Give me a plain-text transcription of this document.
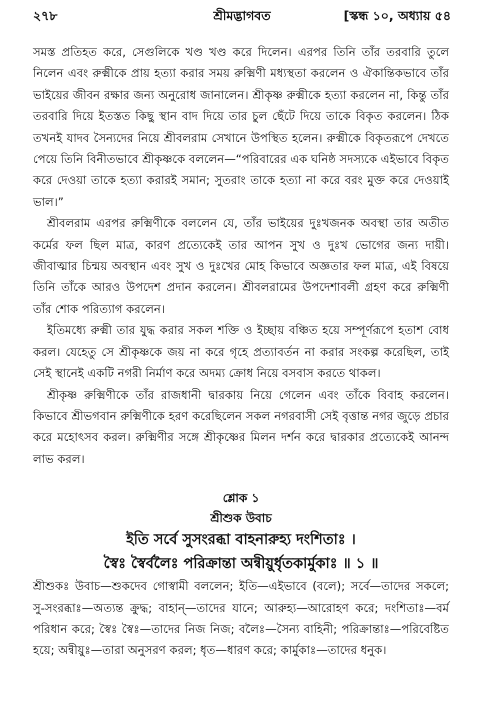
২৭৮	শ্রীমদ্ভাগবত	[স্কন্ধ ১০, অধ্যায় ৫৪

সমস্ত প্রতিহত করে, সেগুলিকে খণ্ড খণ্ড করে দিলেন। এরপর তিনি তাঁর তরবারি তুলে নিলেন এবং রুক্মীকে প্রায় হত্যা করার সময় রুক্মিণী মধ্যস্থতা করলেন ও ঐকান্তিকভাবে তাঁর ভাইয়ের জীবন রক্ষার জন্য অনুরোধ জানালেন। শ্রীকৃষ্ণ রুক্মীকে হত্যা করলেন না, কিন্তু তাঁর তরবারি দিয়ে ইতস্তত কিছু স্থান বাদ দিয়ে তার চুল ছেঁটে দিয়ে তাকে বিকৃত করলেন। ঠিক তখনই যাদব সৈন্যদের নিয়ে শ্রীবলরাম সেখানে উপস্থিত হলেন। রুক্মীকে বিকৃতরূপে দেখতে পেয়ে তিনি বিনীতভাবে শ্রীকৃষ্ণকে বললেন—“পরিবারের এক ঘনিষ্ঠ সদস্যকে এইভাবে বিকৃত করে দেওয়া তাকে হত্যা করারই সমান; সুতরাং তাকে হত্যা না করে বরং মুক্ত করে দেওয়াই ভাল।”

শ্রীবলরাম এরপর রুক্মিণীকে বললেন যে, তাঁর ভাইয়ের দুঃখজনক অবস্থা তার অতীত কর্মের ফল ছিল মাত্র, কারণ প্রত্যেকেই তার আপন সুখ ও দুঃখ ভোগের জন্য দায়ী। জীবাত্মার চিন্ময় অবস্থান এবং সুখ ও দুঃখের মোহ কিভাবে অজ্ঞতার ফল মাত্র, এই বিষয়ে তিনি তাঁকে আরও উপদেশ প্রদান করলেন। শ্রীবলরামের উপদেশাবলী গ্রহণ করে রুক্মিণী তাঁর শোক পরিত্যাগ করলেন।

ইতিমধ্যে রুক্মী তার যুদ্ধ করার সকল শক্তি ও ইচ্ছায় বঞ্চিত হয়ে সম্পূর্ণরূপে হতাশ বোধ করল। যেহেতু সে শ্রীকৃষ্ণকে জয় না করে গৃহে প্রত্যাবর্তন না করার সংকল্প করেছিল, তাই সেই স্থানেই একটি নগরী নির্মাণ করে অদম্য ক্রোধ নিয়ে বসবাস করতে থাকল।

শ্রীকৃষ্ণ রুক্মিণীকে তাঁর রাজধানী দ্বারকায় নিয়ে গেলেন এবং তাঁকে বিবাহ করলেন। কিভাবে শ্রীভগবান রুক্মিণীকে হরণ করেছিলেন সকল নগরবাসী সেই বৃত্তান্ত নগর জুড়ে প্রচার করে মহোৎসব করল। রুক্মিণীর সঙ্গে শ্রীকৃষ্ণের মিলন দর্শন করে দ্বারকার প্রত্যেকেই আনন্দ লাভ করল।

শ্লোক ১
শ্রীশুক উবাচ
ইতি সর্বে সুসংরব্ধা বাহনারুহ্য দংশিতাঃ ।
স্বৈঃ স্বৈর্বলৈঃ পরিক্রান্তা অন্বীয়ুর্ধৃতকার্মুকাঃ ॥ ১ ॥

শ্রীশুকঃ উবাচ—শুকদেব গোস্বামী বললেন; ইতি—এইভাবে (বলে); সর্বে—তাদের সকলে; সু-সংরব্ধাঃ—অত্যন্ত ক্রুদ্ধ; বাহান্—তাদের যানে; আরুহ্য—আরোহণ করে; দংশিতাঃ—বর্ম পরিধান করে; স্বৈঃ স্বৈঃ—তাদের নিজ নিজ; বলৈঃ—সৈন্য বাহিনী; পরিক্রান্তাঃ—পরিবেষ্টিত হয়ে; অন্বীয়ুঃ—তারা অনুসরণ করল; ধৃত—ধারণ করে; কার্মুকাঃ—তাদের ধনুক।
